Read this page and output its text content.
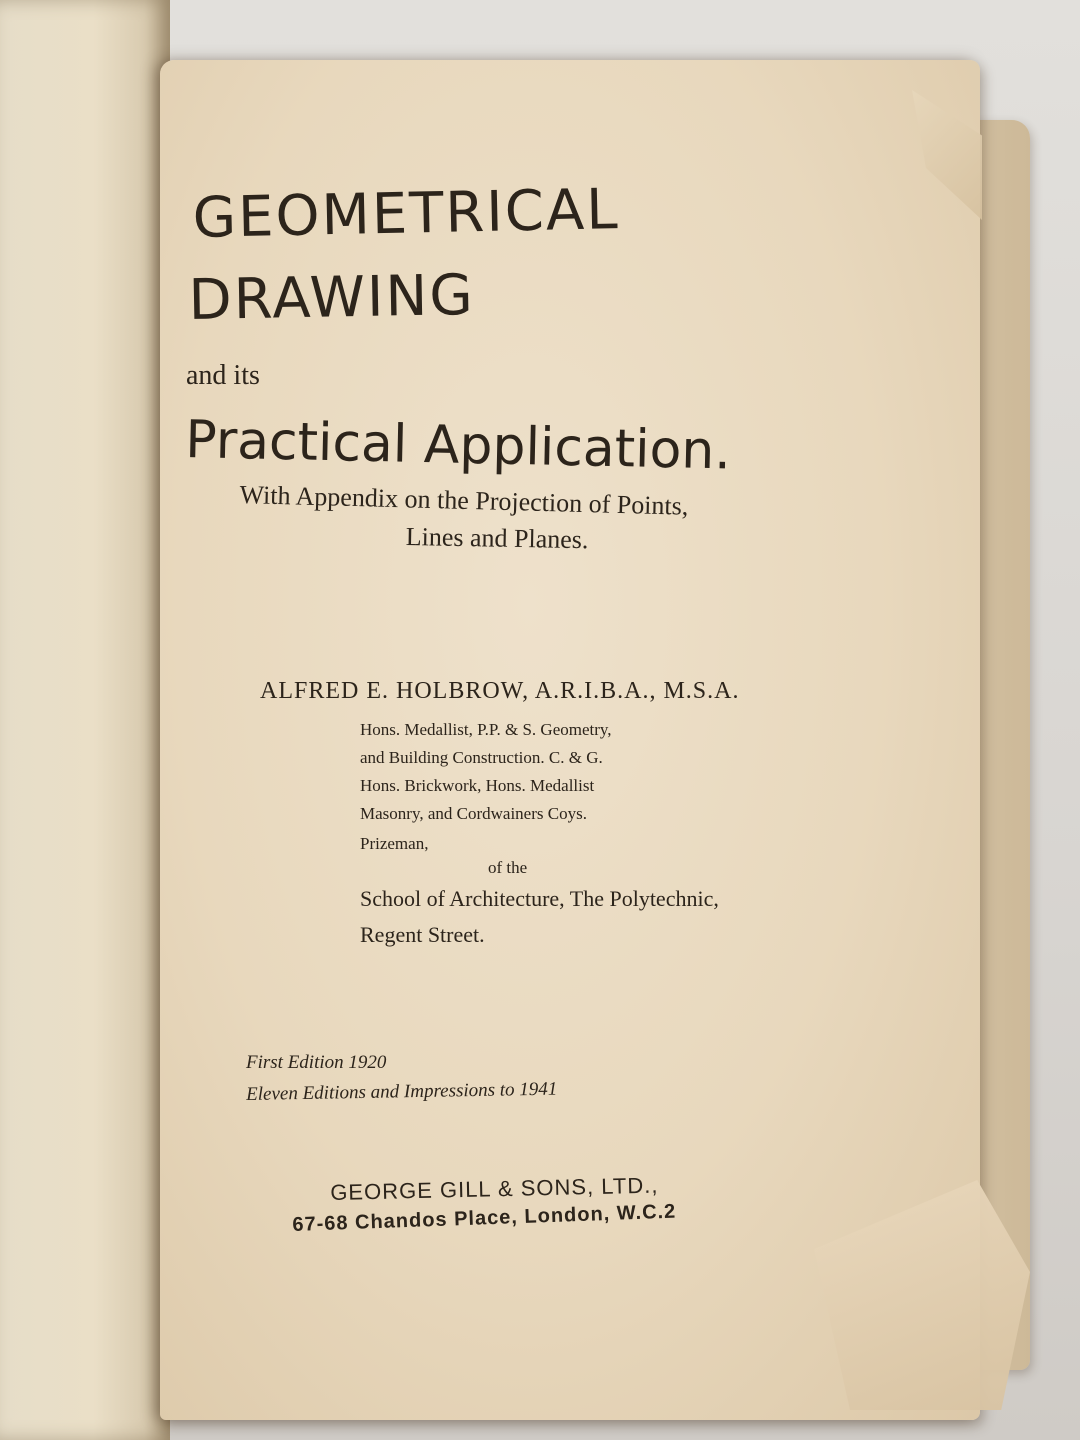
GEOMETRICAL
DRAWING
and its
Practical Application.
With Appendix on the Projection of Points,
Lines and Planes.
ALFRED E. HOLBROW, A.R.I.B.A., M.S.A.
Hons. Medallist, P.P. & S. Geometry,
and Building Construction. C. & G.
Hons. Brickwork, Hons. Medallist
Masonry, and Cordwainers Coys.
Prizeman,
of the
School of Architecture, The Polytechnic,
Regent Street.
First Edition 1920
Eleven Editions and Impressions to 1941
GEORGE GILL & SONS, LTD.,
67-68 Chandos Place, London, W.C.2
